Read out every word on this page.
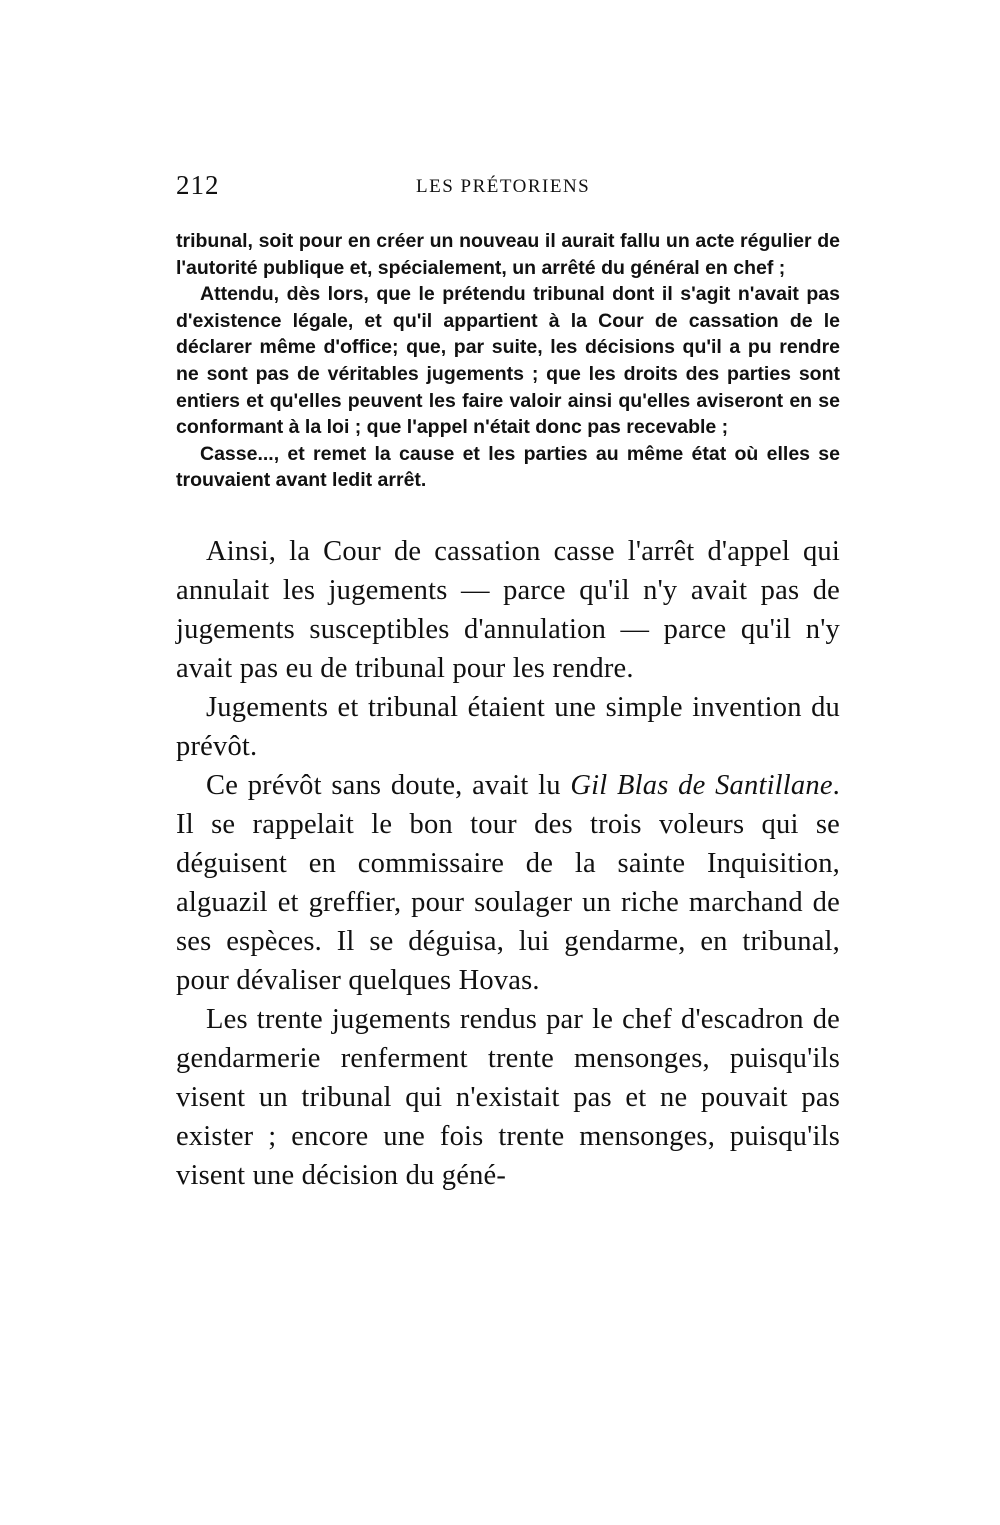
212	LES PRÉTORIENS

tribunal, soit pour en créer un nouveau il aurait fallu un acte régulier de l'autorité publique et, spécialement, un arrêté du général en chef ;

Attendu, dès lors, que le prétendu tribunal dont il s'agit n'avait pas d'existence légale, et qu'il appartient à la Cour de cassation de le déclarer même d'office; que, par suite, les décisions qu'il a pu rendre ne sont pas de véritables jugements ; que les droits des parties sont entiers et qu'elles peuvent les faire valoir ainsi qu'elles aviseront en se conformant à la loi ; que l'appel n'était donc pas recevable ;

Casse..., et remet la cause et les parties au même état où elles se trouvaient avant ledit arrêt.

Ainsi, la Cour de cassation casse l'arrêt d'appel qui annulait les jugements — parce qu'il n'y avait pas de jugements susceptibles d'annulation — parce qu'il n'y avait pas eu de tribunal pour les rendre.

Jugements et tribunal étaient une simple invention du prévôt.

Ce prévôt sans doute, avait lu Gil Blas de Santillane. Il se rappelait le bon tour des trois voleurs qui se déguisent en commissaire de la sainte Inquisition, alguazil et greffier, pour soulager un riche marchand de ses espèces. Il se déguisa, lui gendarme, en tribunal, pour dévaliser quelques Hovas.

Les trente jugements rendus par le chef d'escadron de gendarmerie renferment trente mensonges, puisqu'ils visent un tribunal qui n'existait pas et ne pouvait pas exister ; encore une fois trente mensonges, puisqu'ils visent une décision du géné-
